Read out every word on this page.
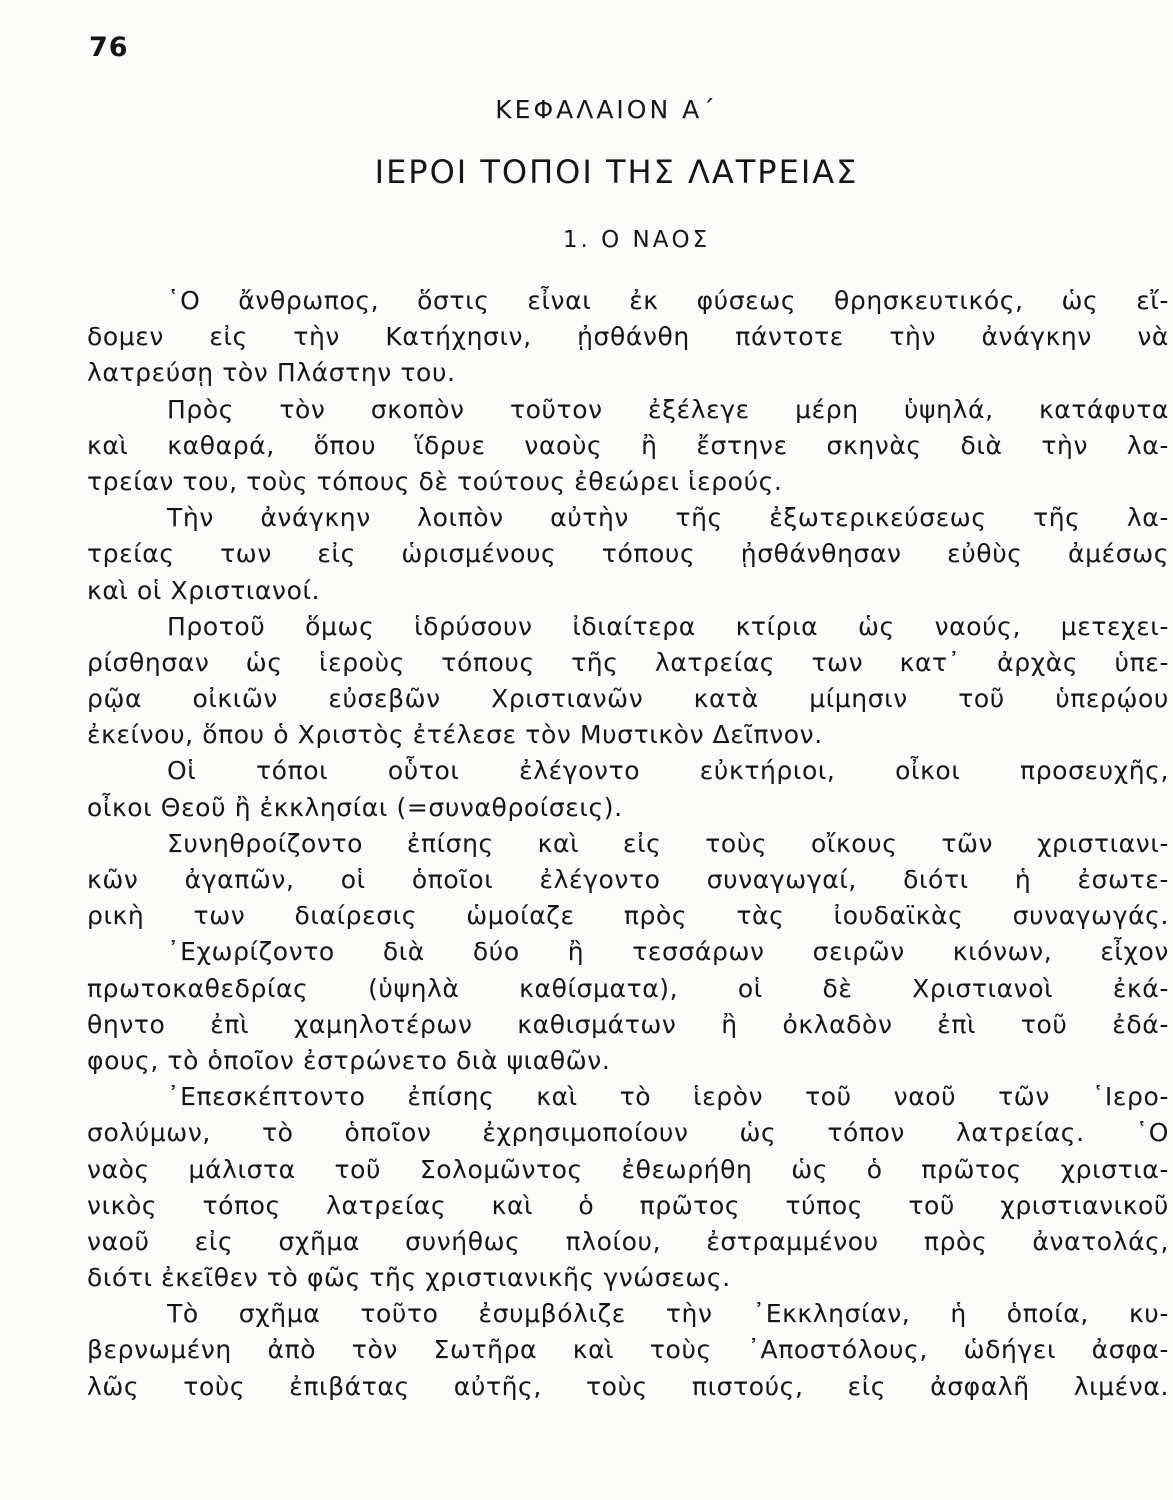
76
ΚΕΦΑΛΑΙΟΝ Α΄
ΙΕΡΟΙ ΤΟΠΟΙ ΤΗΣ ΛΑΤΡΕΙΑΣ
1. Ο ΝΑΟΣ
῾Ο ἄνθρωπος, ὅστις εἶναι ἐκ φύσεως θρησκευτικός, ὡς εἴ-
δομεν εἰς τὴν Κατήχησιν, ᾐσθάνθη πάντοτε τὴν ἀνάγκην νὰ
λατρεύσῃ τὸν Πλάστην του.
Πρὸς τὸν σκοπὸν τοῦτον ἐξέλεγε μέρη ὑψηλά, κατάφυτα
καὶ καθαρά, ὅπου ἵδρυε ναοὺς ἢ ἔστηνε σκηνὰς διὰ τὴν λα-
τρείαν του, τοὺς τόπους δὲ τούτους ἐθεώρει ἱερούς.
Τὴν ἀνάγκην λοιπὸν αὐτὴν τῆς ἐξωτερικεύσεως τῆς λα-
τρείας των εἰς ὡρισμένους τόπους ᾐσθάνθησαν εὐθὺς ἀμέσως
καὶ οἱ Χριστιανοί.
Προτοῦ ὅμως ἱδρύσουν ἰδιαίτερα κτίρια ὡς ναούς, μετεχει-
ρίσθησαν ὡς ἱεροὺς τόπους τῆς λατρείας των κατ᾿ ἀρχὰς ὑπε-
ρῷα οἰκιῶν εὐσεβῶν Χριστιανῶν κατὰ μίμησιν τοῦ ὑπερῴου
ἐκείνου, ὅπου ὁ Χριστὸς ἐτέλεσε τὸν Μυστικὸν Δεῖπνον.
Οἱ τόποι οὗτοι ἐλέγοντο εὐκτήριοι, οἶκοι προσευχῆς,
οἶκοι Θεοῦ ἢ ἐκκλησίαι (=συναθροίσεις).
Συνηθροίζοντο ἐπίσης καὶ εἰς τοὺς οἴκους τῶν χριστιανι-
κῶν ἀγαπῶν, οἱ ὁποῖοι ἐλέγοντο συναγωγαί, διότι ἡ ἐσωτε-
ρικὴ των διαίρεσις ὡμοίαζε πρὸς τὰς ἰουδαϊκὰς συναγωγάς.
᾿Εχωρίζοντο διὰ δύο ἢ τεσσάρων σειρῶν κιόνων, εἶχον
πρωτοκαθεδρίας (ὑψηλὰ καθίσματα), οἱ δὲ Χριστιανοὶ ἐκά-
θηντο ἐπὶ χαμηλοτέρων καθισμάτων ἢ ὀκλαδὸν ἐπὶ τοῦ ἐδά-
φους, τὸ ὁποῖον ἐστρώνετο διὰ ψιαθῶν.
᾿Επεσκέπτοντο ἐπίσης καὶ τὸ ἱερὸν τοῦ ναοῦ τῶν ῾Ιερο-
σολύμων, τὸ ὁποῖον ἐχρησιμοποίουν ὡς τόπον λατρείας. ῾Ο
ναὸς μάλιστα τοῦ Σολομῶντος ἐθεωρήθη ὡς ὁ πρῶτος χριστια-
νικὸς τόπος λατρείας καὶ ὁ πρῶτος τύπος τοῦ χριστιανικοῦ
ναοῦ εἰς σχῆμα συνήθως πλοίου, ἐστραμμένου πρὸς ἀνατολάς,
διότι ἐκεῖθεν τὸ φῶς τῆς χριστιανικῆς γνώσεως.
Τὸ σχῆμα τοῦτο ἐσυμβόλιζε τὴν ᾿Εκκλησίαν, ἡ ὁποία, κυ-
βερνωμένη ἀπὸ τὸν Σωτῆρα καὶ τοὺς ᾿Αποστόλους, ὡδήγει ἀσφα-
λῶς τοὺς ἐπιβάτας αὐτῆς, τοὺς πιστούς, εἰς ἀσφαλῆ λιμένα.
